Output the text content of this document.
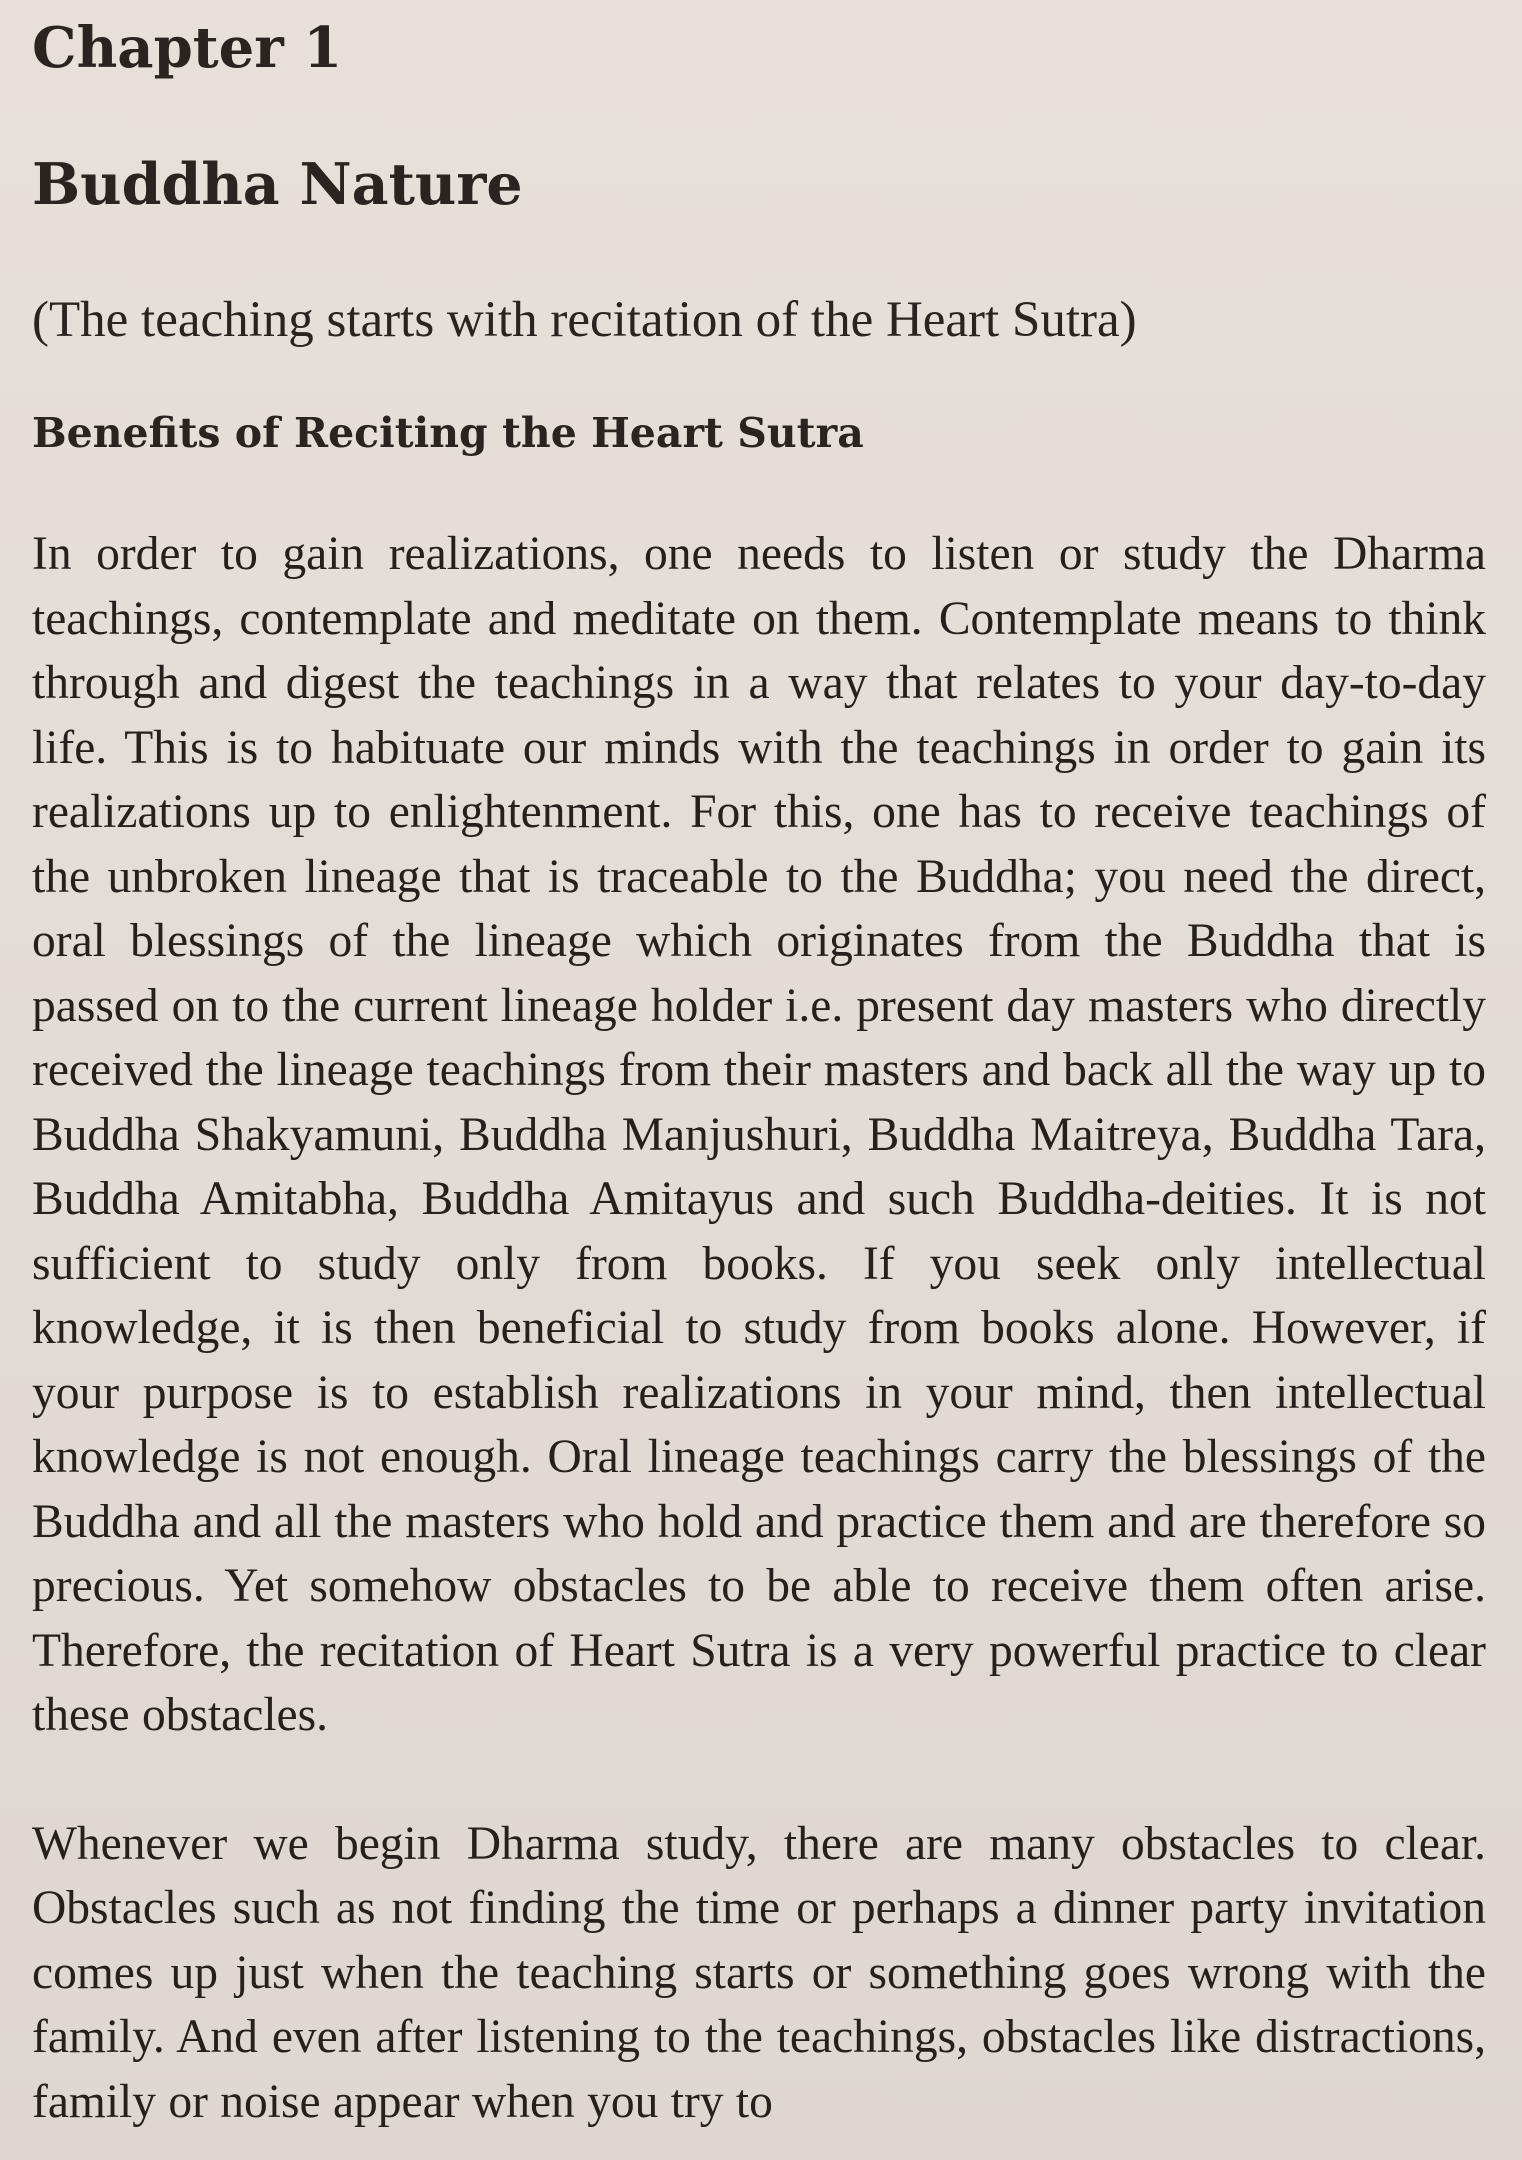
Chapter 1
Buddha Nature

(The teaching starts with recitation of the Heart Sutra)

Benefits of Reciting the Heart Sutra

In order to gain realizations, one needs to listen or study the Dharma teachings, contemplate and meditate on them. Contemplate means to think through and digest the teachings in a way that relates to your day-to-day life. This is to habituate our minds with the teachings in order to gain its realizations up to enlightenment. For this, one has to receive teachings of the unbroken lineage that is traceable to the Buddha; you need the direct, oral blessings of the lineage which originates from the Buddha that is passed on to the current lineage holder i.e. present day masters who directly received the lineage teachings from their masters and back all the way up to Buddha Shakyamuni, Buddha Manjushuri, Buddha Maitreya, Buddha Tara, Buddha Amitabha, Buddha Amitayus and such Buddha-deities. It is not sufficient to study only from books. If you seek only intellectual knowledge, it is then beneficial to study from books alone. However, if your purpose is to establish realizations in your mind, then intellectual knowledge is not enough. Oral lineage teachings carry the blessings of the Buddha and all the masters who hold and practice them and are therefore so precious. Yet somehow obstacles to be able to receive them often arise. Therefore, the recitation of Heart Sutra is a very powerful practice to clear these obstacles.

Whenever we begin Dharma study, there are many obstacles to clear. Obstacles such as not finding the time or perhaps a dinner party invitation comes up just when the teaching starts or something goes wrong with the family. And even after listening to the teachings, obstacles like distractions, family or noise appear when you try to
